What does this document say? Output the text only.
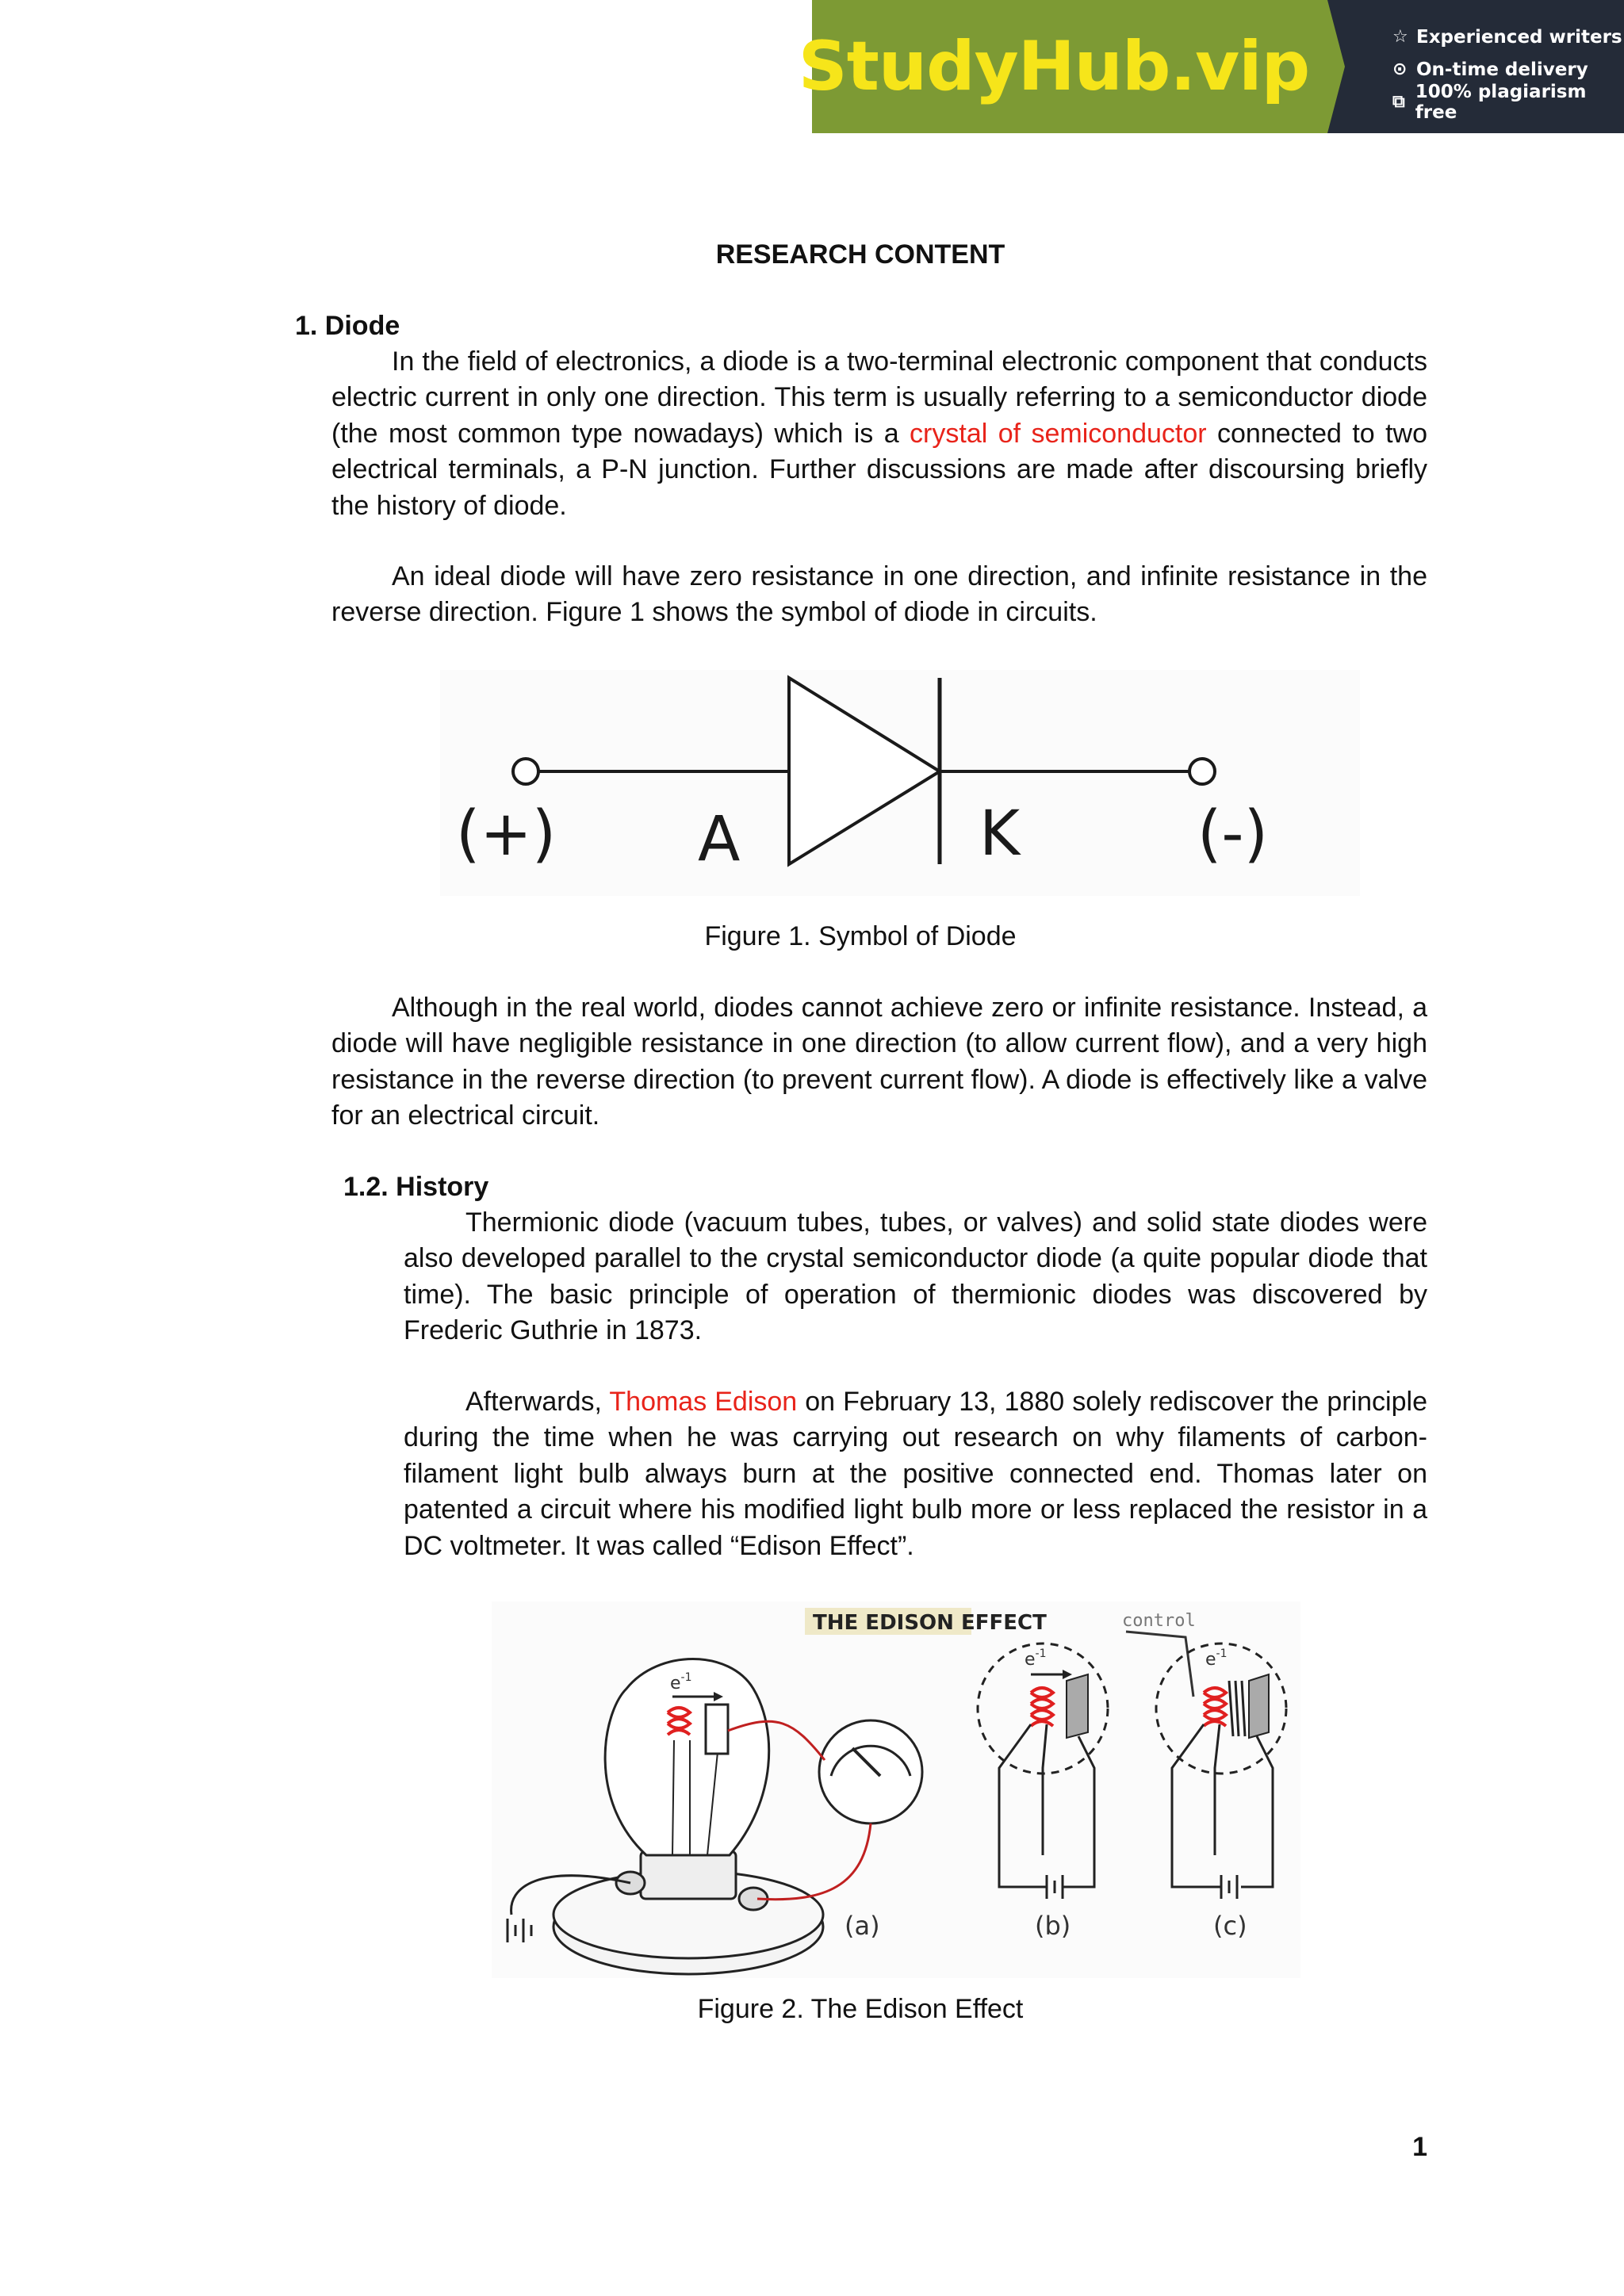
StudyHub.vip	☆ Experienced writers
⊙ On-time delivery
⧉ 100% plagiarism free
RESEARCH CONTENT
1. Diode
In the field of electronics, a diode is a two-terminal electronic component that conducts electric current in only one direction. This term is usually referring to a semiconductor diode (the most common type nowadays) which is a crystal of semiconductor connected to two electrical terminals, a P-N junction. Further discussions are made after discoursing briefly the history of diode.
An ideal diode will have zero resistance in one direction, and infinite resistance in the reverse direction. Figure 1 shows the symbol of diode in circuits.
(+) A	K	(-)
Figure 1. Symbol of Diode
Although in the real world, diodes cannot achieve zero or infinite resistance. Instead, a diode will have negligible resistance in one direction (to allow current flow), and a very high resistance in the reverse direction (to prevent current flow). A diode is effectively like a valve for an electrical circuit.
1.2. History
Thermionic diode (vacuum tubes, tubes, or valves) and solid state diodes were also developed parallel to the crystal semiconductor diode (a quite popular diode that time). The basic principle of operation of thermionic diodes was discovered by Frederic Guthrie in 1873.
Afterwards, Thomas Edison on February 13, 1880 solely rediscover the principle during the time when he was carrying out research on why filaments of carbon-filament light bulb always burn at the positive connected end. Thomas later on patented a circuit where his modified light bulb more or less replaced the resistor in a DC voltmeter. It was called “Edison Effect”.
THE EDISON EFFECT	control
$e^{-1}$
(a)
$e^{-1}$
(b)
$e^{-1}$
(c)
Figure 2. The Edison Effect
1
